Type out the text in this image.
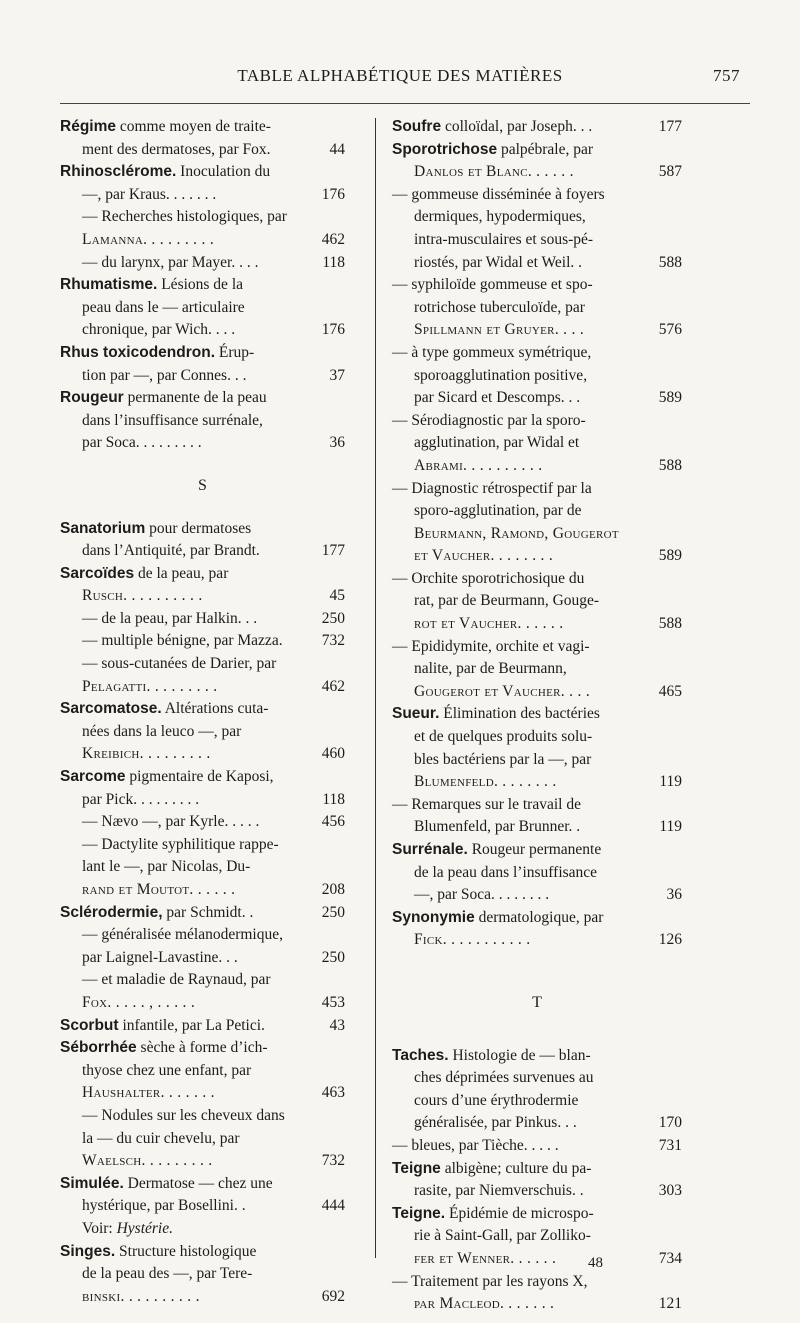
TABLE ALPHABÉTIQUE DES MATIÈRES	757
Régime comme moyen de traite-
ment des dermatoses, par Fox.	44
Rhinosclérome. Inoculation du
—, par Kraus. . . . . . .	176
— Recherches histologiques, par
Lamanna. . . . . . . . .	462
— du larynx, par Mayer. . . .	118
Rhumatisme. Lésions de la
peau dans le — articulaire
chronique, par Wich. . . .	176
Rhus toxicodendron. Érup-
tion par —, par Connes. . .	37
Rougeur permanente de la peau
dans l’insuffisance surrénale,
par Soca. . . . . . . . .	36
S
Sanatorium pour dermatoses
dans l’Antiquité, par Brandt.	177
Sarcoïdes de la peau, par
Rusch. . . . . . . . . .	45
— de la peau, par Halkin. . .	250
— multiple bénigne, par Mazza.	732
— sous-cutanées de Darier, par
Pelagatti. . . . . . . . .	462
Sarcomatose. Altérations cuta-
nées dans la leuco —, par
Kreibich. . . . . . . . .	460
Sarcome pigmentaire de Kaposi,
par Pick. . . . . . . . .	118
— Nævo —, par Kyrle. . . . .	456
— Dactylite syphilitique rappe-
lant le —, par Nicolas, Du-
rand et Moutot. . . . . .	208
Sclérodermie, par Schmidt. .	250
— généralisée mélanodermique,
par Laignel-Lavastine. . .	250
— et maladie de Raynaud, par
Fox. . . . . , . . . . .	453
Scorbut infantile, par La Petici.	43
Séborrhée sèche à forme d’ich-
thyose chez une enfant, par
Haushalter. . . . . . .	463
— Nodules sur les cheveux dans
la — du cuir chevelu, par
Waelsch. . . . . . . . .	732
Simulée. Dermatose — chez une
hystérique, par Bosellini. .	444
Voir: Hystérie.
Singes. Structure histologique
de la peau des —, par Tere-
binski. . . . . . . . . .	692
Soufre colloïdal, par Joseph. . .	177
Sporotrichose palpébrale, par
Danlos et Blanc. . . . . .	587
— gommeuse disséminée à foyers
dermiques, hypodermiques,
intra-musculaires et sous-pé-
riostés, par Widal et Weil. .	588
— syphiloïde gommeuse et spo-
rotrichose tuberculoïde, par
Spillmann et Gruyer. . . .	576
— à type gommeux symétrique,
sporoagglutination positive,
par Sicard et Descomps. . .	589
— Sérodiagnostic par la sporo-
agglutination, par Widal et
Abrami. . . . . . . . . .	588
— Diagnostic rétrospectif par la
sporo-agglutination, par de
Beurmann, Ramond, Gougerot
et Vaucher. . . . . . . .	589
— Orchite sporotrichosique du
rat, par de Beurmann, Gouge-
rot et Vaucher. . . . . .	588
— Epididymite, orchite et vagi-
nalite, par de Beurmann,
Gougerot et Vaucher. . . .	465
Sueur. Élimination des bactéries
et de quelques produits solu-
bles bactériens par la —, par
Blumenfeld. . . . . . . .	119
— Remarques sur le travail de
Blumenfeld, par Brunner. .	119
Surrénale. Rougeur permanente
de la peau dans l’insuffisance
—, par Soca. . . . . . . .	36
Synonymie dermatologique, par
Fick. . . . . . . . . . .	126
T
Taches. Histologie de — blan-
ches déprimées survenues au
cours d’une érythrodermie
généralisée, par Pinkus. . .	170
— bleues, par Tièche. . . . .	731
Teigne albigène; culture du pa-
rasite, par Niemverschuis. .	303
Teigne. Épidémie de microspo-
rie à Saint-Gall, par Zolliko-
fer et Wenner. . . . . .	734
— Traitement par les rayons X,
par Macleod. . . . . . .	121
48
